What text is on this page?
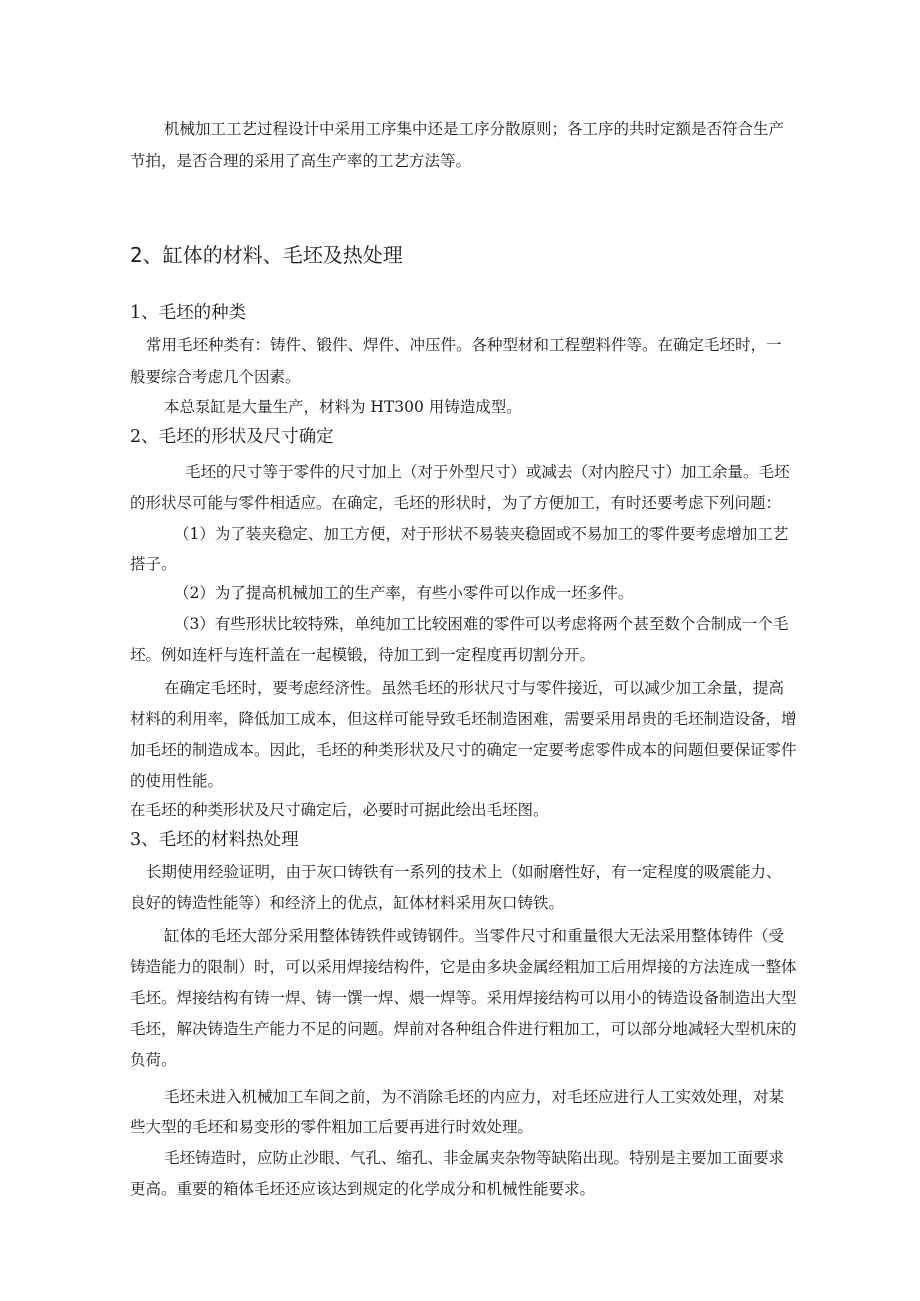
机械加工工艺过程设计中采用工序集中还是工序分散原则；各工序的共时定额是否符合生产
节拍，是否合理的采用了高生产率的工艺方法等。
2、缸体的材料、毛坯及热处理
1、毛坯的种类
常用毛坯种类有：铸件、锻件、焊件、冲压件。各种型材和工程塑料件等。在确定毛坯时，一
般要综合考虑几个因素。
本总泵缸是大量生产，材料为 HT300 用铸造成型。
2、毛坯的形状及尺寸确定
毛坯的尺寸等于零件的尺寸加上（对于外型尺寸）或减去（对内腔尺寸）加工余量。毛坯
的形状尽可能与零件相适应。在确定，毛坯的形状时，为了方便加工，有时还要考虑下列问题：
（1）为了装夹稳定、加工方便，对于形状不易装夹稳固或不易加工的零件要考虑增加工艺
搭子。
（2）为了提高机械加工的生产率，有些小零件可以作成一坯多件。
（3）有些形状比较特殊，单纯加工比较困难的零件可以考虑将两个甚至数个合制成一个毛
坯。例如连杆与连杆盖在一起模锻，待加工到一定程度再切割分开。
在确定毛坯时，要考虑经济性。虽然毛坯的形状尺寸与零件接近，可以减少加工余量，提高
材料的利用率，降低加工成本，但这样可能导致毛坯制造困难，需要采用昂贵的毛坯制造设备，增
加毛坯的制造成本。因此，毛坯的种类形状及尺寸的确定一定要考虑零件成本的问题但要保证零件
的使用性能。
在毛坯的种类形状及尺寸确定后，必要时可据此绘出毛坯图。
3、毛坯的材料热处理
长期使用经验证明，由于灰口铸铁有一系列的技术上（如耐磨性好，有一定程度的吸震能力、
良好的铸造性能等）和经济上的优点，缸体材料采用灰口铸铁。
缸体的毛坯大部分采用整体铸铁件或铸钢件。当零件尺寸和重量很大无法采用整体铸件（受
铸造能力的限制）时，可以采用焊接结构件，它是由多块金属经粗加工后用焊接的方法连成一整体
毛坯。焊接结构有铸一焊、铸一馔一焊、煨一焊等。采用焊接结构可以用小的铸造设备制造出大型
毛坯，解决铸造生产能力不足的问题。焊前对各种组合件进行粗加工，可以部分地减轻大型机床的
负荷。
毛坯未进入机械加工车间之前，为不消除毛坯的内应力，对毛坯应进行人工实效处理，对某
些大型的毛坯和易变形的零件粗加工后要再进行时效处理。
毛坯铸造时，应防止沙眼、气孔、缩孔、非金属夹杂物等缺陷出现。特别是主要加工面要求
更高。重要的箱体毛坯还应该达到规定的化学成分和机械性能要求。
